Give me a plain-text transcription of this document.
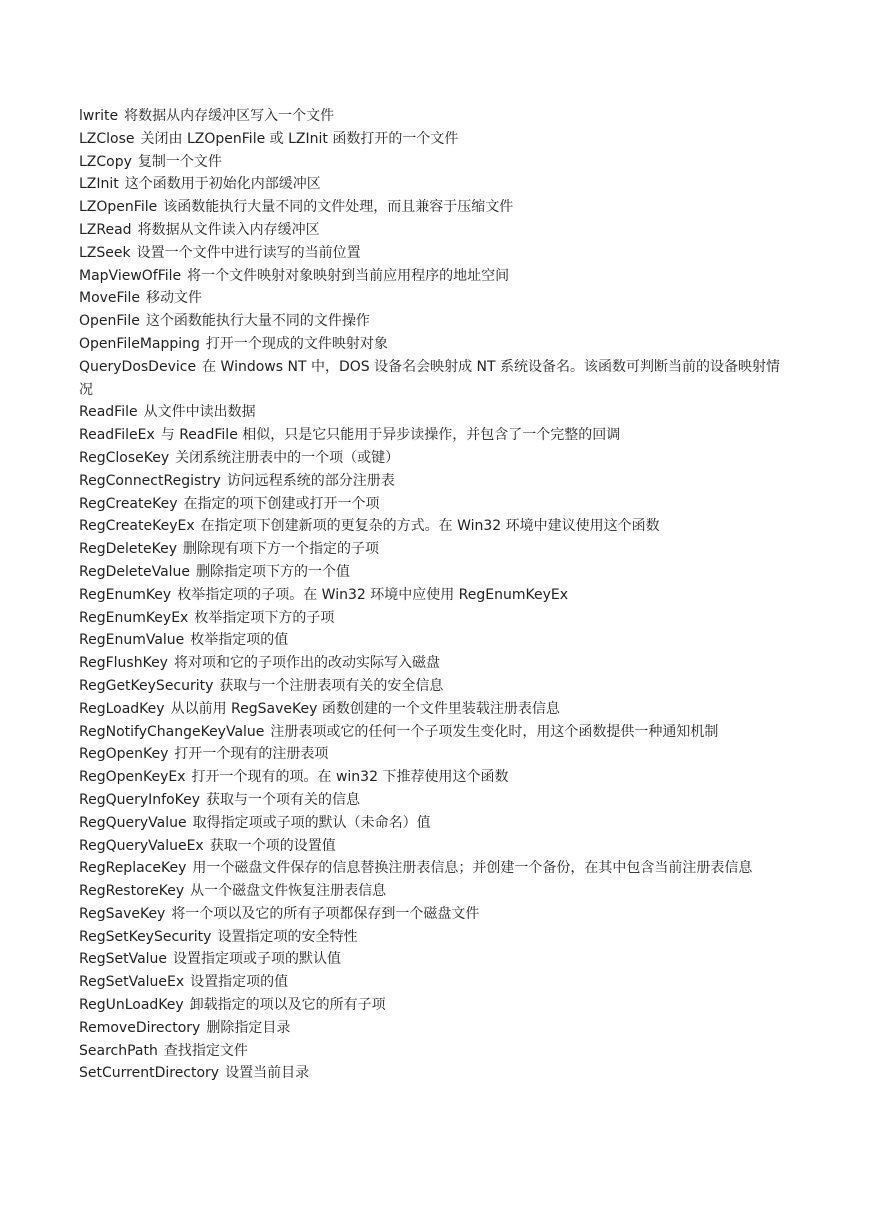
lwrite 将数据从内存缓冲区写入一个文件
LZClose 关闭由 LZOpenFile 或 LZInit 函数打开的一个文件
LZCopy 复制一个文件
LZInit 这个函数用于初始化内部缓冲区
LZOpenFile 该函数能执行大量不同的文件处理，而且兼容于压缩文件
LZRead 将数据从文件读入内存缓冲区
LZSeek 设置一个文件中进行读写的当前位置
MapViewOfFile 将一个文件映射对象映射到当前应用程序的地址空间
MoveFile 移动文件
OpenFile 这个函数能执行大量不同的文件操作
OpenFileMapping 打开一个现成的文件映射对象
QueryDosDevice 在 Windows NT 中，DOS 设备名会映射成 NT 系统设备名。该函数可判断当前的设备映射情况
ReadFile 从文件中读出数据
ReadFileEx 与 ReadFile 相似，只是它只能用于异步读操作，并包含了一个完整的回调
RegCloseKey 关闭系统注册表中的一个项（或键）
RegConnectRegistry 访问远程系统的部分注册表
RegCreateKey 在指定的项下创建或打开一个项
RegCreateKeyEx 在指定项下创建新项的更复杂的方式。在 Win32 环境中建议使用这个函数
RegDeleteKey 删除现有项下方一个指定的子项
RegDeleteValue 删除指定项下方的一个值
RegEnumKey 枚举指定项的子项。在 Win32 环境中应使用 RegEnumKeyEx
RegEnumKeyEx 枚举指定项下方的子项
RegEnumValue 枚举指定项的值
RegFlushKey 将对项和它的子项作出的改动实际写入磁盘
RegGetKeySecurity 获取与一个注册表项有关的安全信息
RegLoadKey 从以前用 RegSaveKey 函数创建的一个文件里装载注册表信息
RegNotifyChangeKeyValue 注册表项或它的任何一个子项发生变化时，用这个函数提供一种通知机制
RegOpenKey 打开一个现有的注册表项
RegOpenKeyEx 打开一个现有的项。在 win32 下推荐使用这个函数
RegQueryInfoKey 获取与一个项有关的信息
RegQueryValue 取得指定项或子项的默认（未命名）值
RegQueryValueEx 获取一个项的设置值
RegReplaceKey 用一个磁盘文件保存的信息替换注册表信息；并创建一个备份，在其中包含当前注册表信息
RegRestoreKey 从一个磁盘文件恢复注册表信息
RegSaveKey 将一个项以及它的所有子项都保存到一个磁盘文件
RegSetKeySecurity 设置指定项的安全特性
RegSetValue 设置指定项或子项的默认值
RegSetValueEx 设置指定项的值
RegUnLoadKey 卸载指定的项以及它的所有子项
RemoveDirectory 删除指定目录
SearchPath 查找指定文件
SetCurrentDirectory 设置当前目录
